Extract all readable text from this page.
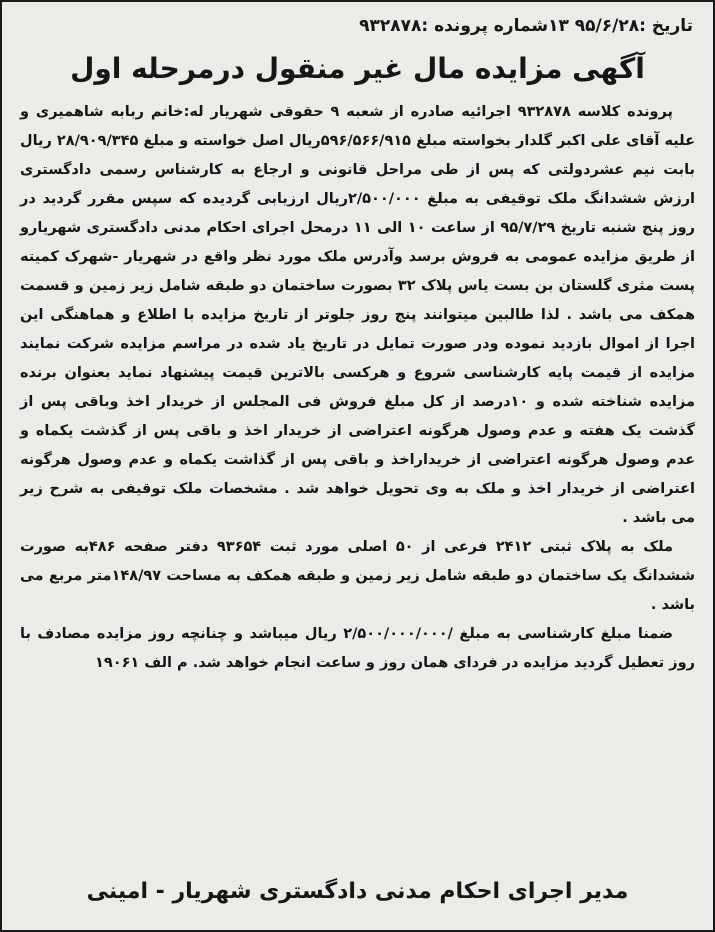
تاریخ :۹۵/۶/۲۸ ۱۳شماره پرونده :۹۳۲۸۷۸
آگهی مزایده مال غیر منقول درمرحله اول

پرونده کلاسه ۹۳۲۸۷۸ اجرائیه صادره از شعبه ۹ حقوقی شهریار له:خانم ربابه شاهمیری و علیه آقای علی اکبر گلدار بخواسته مبلغ ۵۹۶/۵۶۶/۹۱۵ریال اصل خواسته و مبلغ ۲۸/۹۰۹/۳۴۵ ریال بابت نیم عشردولتی که پس از طی مراحل قانونی و ارجاع به کارشناس رسمی دادگستری ارزش ششدانگ ملک توقیفی به مبلغ ۲/۵۰۰/۰۰۰ریال ارزیابی گردیده که سپس مقرر گردید در روز پنج شنبه تاریخ ۹۵/۷/۲۹ از ساعت ۱۰ الی ۱۱ درمحل اجرای احکام مدنی دادگستری شهریارو از طریق مزایده عمومی به فروش برسد وآدرس ملک مورد نظر واقع در شهریار -شهرک کمیته پست مثری گلستان بن بست یاس پلاک ۳۲ بصورت ساختمان دو طبقه شامل زیر زمین و قسمت همکف می باشد . لذا طالبین میتوانند پنج روز جلوتر از تاریخ مزایده با اطلاع و هماهنگی این اجرا از اموال بازدید نموده ودر صورت تمایل در تاریخ یاد شده در مراسم مزایده شرکت نمایند مزایده از قیمت پایه کارشناسی شروع و هرکسی بالاترین قیمت پیشنهاد نماید بعنوان برنده مزایده شناخته شده و ۱۰درصد از کل مبلغ فروش فی المجلس از خریدار اخذ وباقی پس از گذشت یک هفته و عدم وصول هرگونه اعتراضی از خریدار اخذ و باقی پس از گذشت یکماه و عدم وصول هرگونه اعتراضی از خریداراخذ و باقی پس از گذاشت یکماه و عدم وصول هرگونه اعتراضی از خریدار اخذ و ملک به وی تحویل خواهد شد . مشخصات ملک توقیفی به شرح زیر می باشد .

ملک به پلاک ثبتی ۲۴۱۲ فرعی از ۵۰ اصلی مورد ثبت ۹۳۶۵۴ دفتر صفحه ۴۸۶به صورت ششدانگ یک ساختمان دو طبقه شامل زیر زمین و طبقه همکف به مساحت ۱۴۸/۹۷متر مربع می باشد .

ضمنا مبلغ کارشناسی به مبلغ /۲/۵۰۰/۰۰۰/۰۰۰ ریال میباشد و چنانچه روز مزایده مصادف با روز تعطیل گردید مزایده در فردای همان روز و ساعت انجام خواهد شد. م الف ۱۹۰۶۱

مدیر اجرای احکام مدنی دادگستری شهریار - امینی
